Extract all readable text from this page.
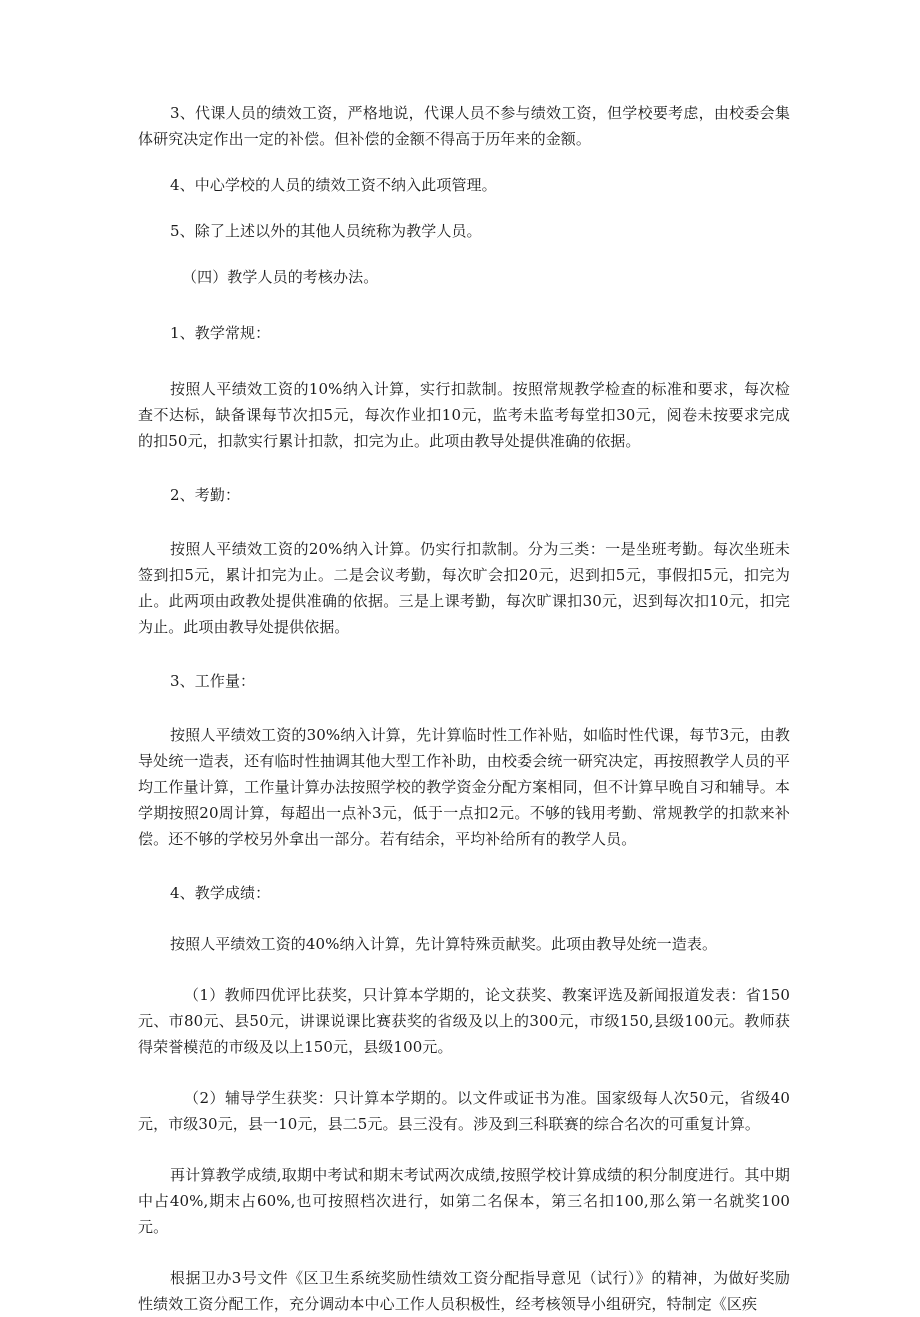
3、代课人员的绩效工资，严格地说，代课人员不参与绩效工资，但学校要考虑，由校委会集体研究决定作出一定的补偿。但补偿的金额不得高于历年来的金额。

4、中心学校的人员的绩效工资不纳入此项管理。

5、除了上述以外的其他人员统称为教学人员。

（四）教学人员的考核办法。

1、教学常规：

按照人平绩效工资的10%纳入计算，实行扣款制。按照常规教学检查的标准和要求，每次检查不达标，缺备课每节次扣5元，每次作业扣10元，监考未监考每堂扣30元，阅卷未按要求完成的扣50元，扣款实行累计扣款，扣完为止。此项由教导处提供准确的依据。

2、考勤：

按照人平绩效工资的20%纳入计算。仍实行扣款制。分为三类：一是坐班考勤。每次坐班未签到扣5元，累计扣完为止。二是会议考勤，每次旷会扣20元，迟到扣5元，事假扣5元，扣完为止。此两项由政教处提供准确的依据。三是上课考勤，每次旷课扣30元，迟到每次扣10元，扣完为止。此项由教导处提供依据。

3、工作量：

按照人平绩效工资的30%纳入计算，先计算临时性工作补贴，如临时性代课，每节3元，由教导处统一造表，还有临时性抽调其他大型工作补助，由校委会统一研究决定，再按照教学人员的平均工作量计算，工作量计算办法按照学校的教学资金分配方案相同，但不计算早晚自习和辅导。本学期按照20周计算，每超出一点补3元，低于一点扣2元。不够的钱用考勤、常规教学的扣款来补偿。还不够的学校另外拿出一部分。若有结余，平均补给所有的教学人员。

4、教学成绩：

按照人平绩效工资的40%纳入计算，先计算特殊贡献奖。此项由教导处统一造表。

（1）教师四优评比获奖，只计算本学期的，论文获奖、教案评选及新闻报道发表：省150元、市80元、县50元，讲课说课比赛获奖的省级及以上的300元，市级150,县级100元。教师获得荣誉模范的市级及以上150元，县级100元。

（2）辅导学生获奖：只计算本学期的。以文件或证书为准。国家级每人次50元，省级40元，市级30元，县一10元，县二5元。县三没有。涉及到三科联赛的综合名次的可重复计算。

再计算教学成绩,取期中考试和期末考试两次成绩,按照学校计算成绩的积分制度进行。其中期中占40%,期末占60%,也可按照档次进行，如第二名保本，第三名扣100,那么第一名就奖100元。

根据卫办3号文件《区卫生系统奖励性绩效工资分配指导意见（试行）》的精神，为做好奖励性绩效工资分配工作，充分调动本中心工作人员积极性，经考核领导小组研究，特制定《区疾
